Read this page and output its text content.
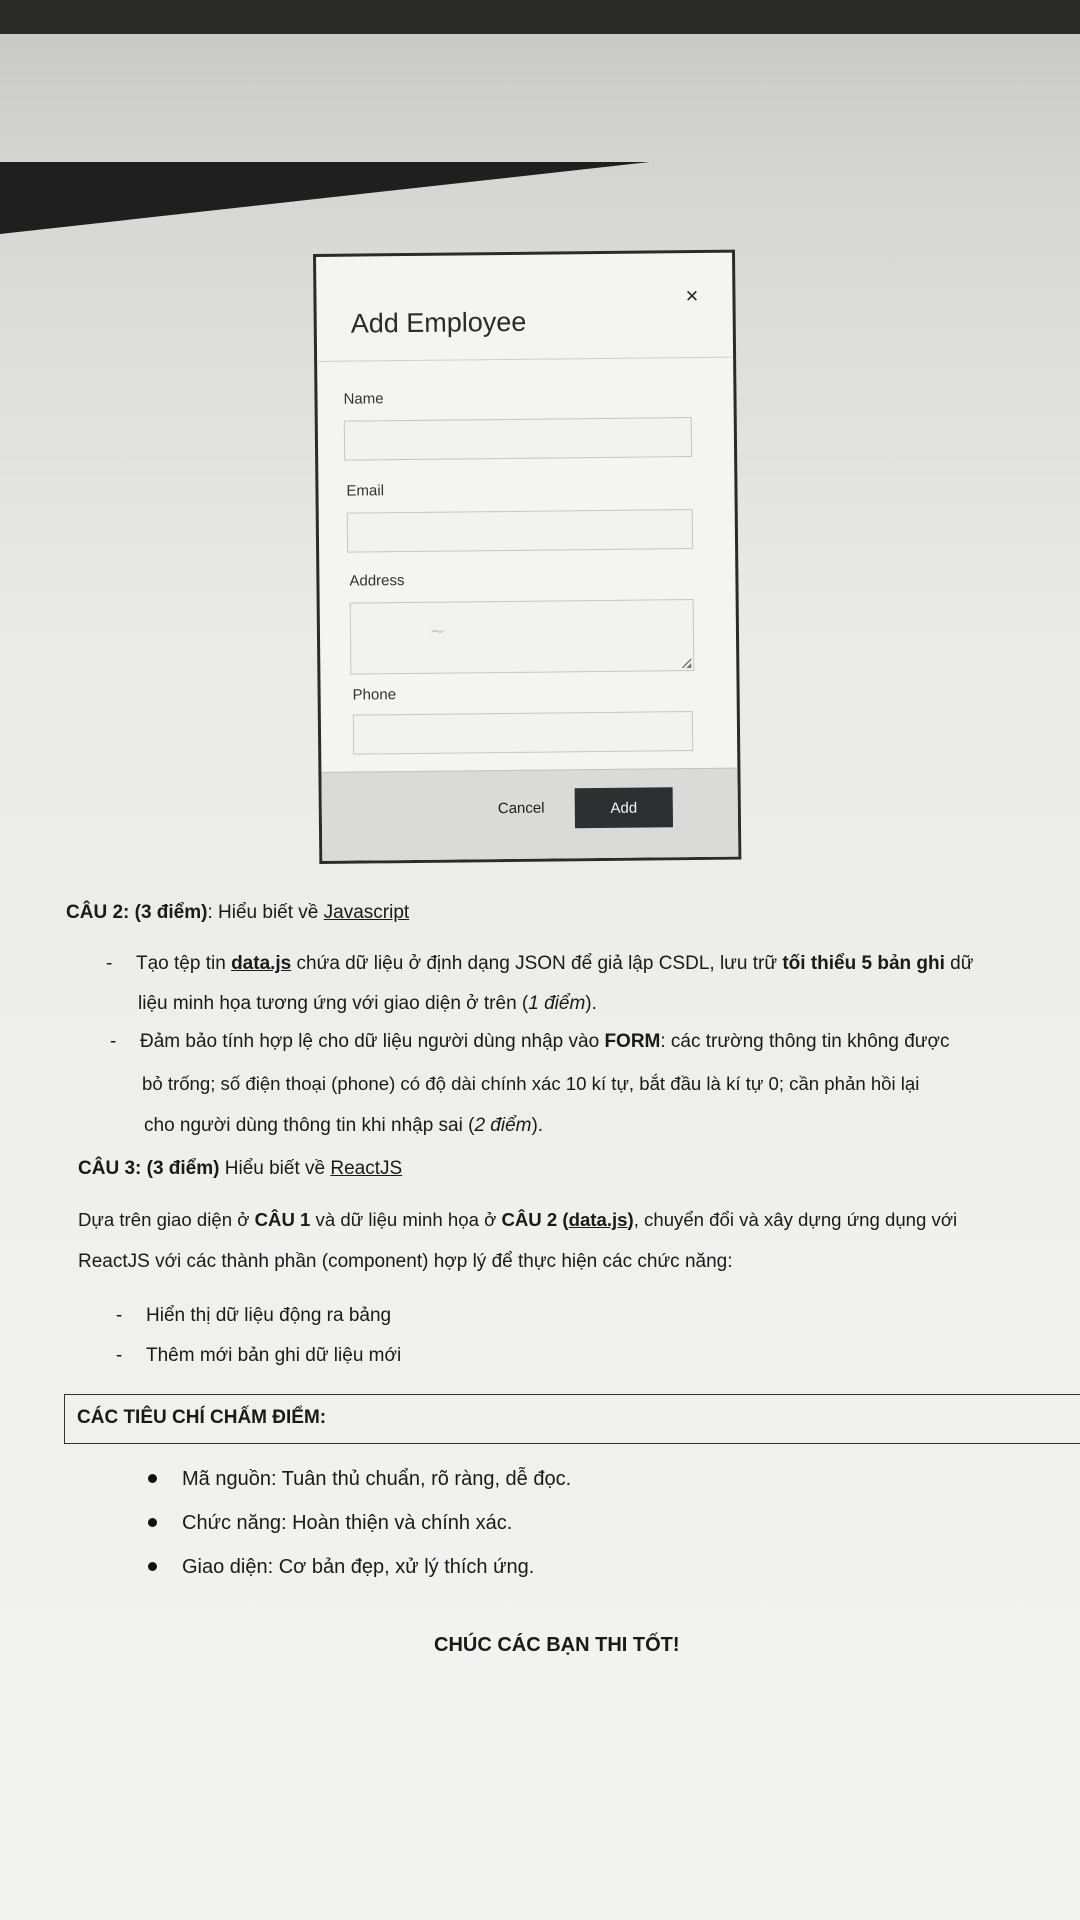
Add Employee
×
Name
Email
Address
~
Phone
Cancel	Add
CÂU 2: (3 điểm): Hiểu biết về Javascript
- Tạo tệp tin data.js chứa dữ liệu ở định dạng JSON để giả lập CSDL, lưu trữ tối thiểu 5 bản ghi dữ
liệu minh họa tương ứng với giao diện ở trên (1 điểm).
- Đảm bảo tính hợp lệ cho dữ liệu người dùng nhập vào FORM: các trường thông tin không được
bỏ trống; số điện thoại (phone) có độ dài chính xác 10 kí tự, bắt đầu là kí tự 0; cần phản hồi lại
cho người dùng thông tin khi nhập sai (2 điểm).
CÂU 3: (3 điểm) Hiểu biết về ReactJS
Dựa trên giao diện ở CÂU 1 và dữ liệu minh họa ở CÂU 2 (data.js), chuyển đổi và xây dựng ứng dụng với
ReactJS với các thành phần (component) hợp lý để thực hiện các chức năng:
- Hiển thị dữ liệu động ra bảng
- Thêm mới bản ghi dữ liệu mới
CÁC TIÊU CHÍ CHẤM ĐIỂM:
Mã nguồn: Tuân thủ chuẩn, rõ ràng, dễ đọc.
Chức năng: Hoàn thiện và chính xác.
Giao diện: Cơ bản đẹp, xử lý thích ứng.
CHÚC CÁC BẠN THI TỐT!
